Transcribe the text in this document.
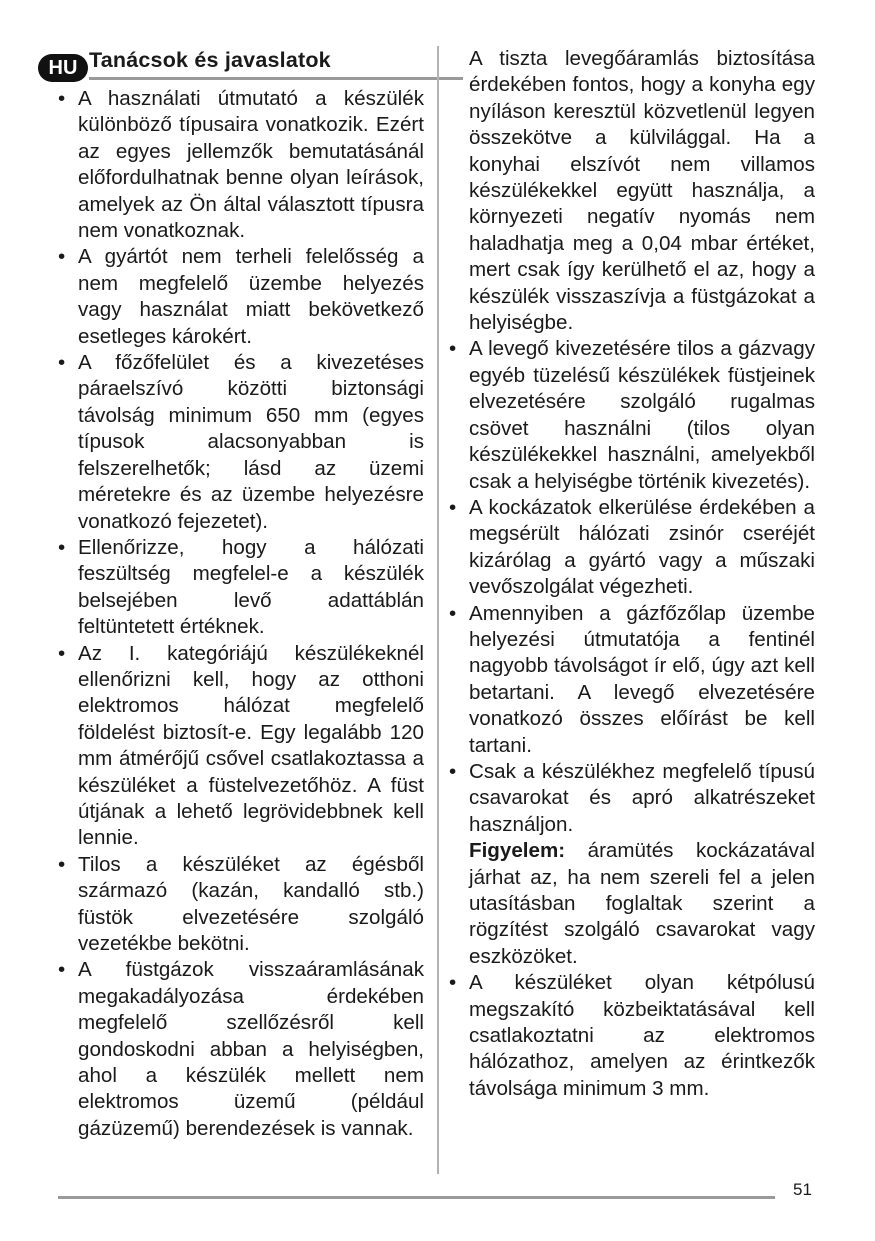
HU Tanácsok és javaslatok

• A használati útmutató a készülék különböző típusaira vonatkozik. Ezért az egyes jellemzők bemutatásánál előfordulhatnak benne olyan leírások, amelyek az Ön által választott típusra nem vonatkoznak.

• A gyártót nem terheli felelősség a nem megfelelő üzembe helyezés vagy használat miatt bekövetkező esetleges károkért.

• A főzőfelület és a kivezetéses páraelszívó közötti biztonsági távolság minimum 650 mm (egyes típusok alacsonyabban is felszerelhetők; lásd az üzemi méretekre és az üzembe helyezésre vonatkozó fejezetet).

• Ellenőrizze, hogy a hálózati feszültség megfelel-e a készülék belsejében levő adattáblán feltüntetett értéknek.

• Az I. kategóriájú készülékeknél ellenőrizni kell, hogy az otthoni elektromos hálózat megfelelő földelést biztosít-e. Egy legalább 120 mm átmérőjű csővel csatlakoztassa a készüléket a füstelvezetőhöz. A füst útjának a lehető legrövidebbnek kell lennie.

• Tilos a készüléket az égésből származó (kazán, kandalló stb.) füstök elvezetésére szolgáló vezetékbe bekötni.

• A füstgázok visszaáramlásának megakadályozása érdekében megfelelő szellőzésről kell gondoskodni abban a helyiségben, ahol a készülék mellett nem elektromos üzemű (például gázüzemű) berendezések is vannak.

A tiszta levegőáramlás biztosítása érdekében fontos, hogy a konyha egy nyíláson keresztül közvetlenül legyen összekötve a külvilággal. Ha a konyhai elszívót nem villamos készülékekkel együtt használja, a környezeti negatív nyomás nem haladhatja meg a 0,04 mbar értéket, mert csak így kerülhető el az, hogy a készülék visszaszívja a füstgázokat a helyiségbe.

• A levegő kivezetésére tilos a gázvagy egyéb tüzelésű készülékek füstjeinek elvezetésére szolgáló rugalmas csövet használni (tilos olyan készülékekkel használni, amelyekből csak a helyiségbe történik kivezetés).

• A kockázatok elkerülése érdekében a megsérült hálózati zsinór cseréjét kizárólag a gyártó vagy a műszaki vevőszolgálat végezheti.

• Amennyiben a gázfőzőlap üzembe helyezési útmutatója a fentinél nagyobb távolságot ír elő, úgy azt kell betartani. A levegő elvezetésére vonatkozó összes előírást be kell tartani.

• Csak a készülékhez megfelelő típusú csavarokat és apró alkatrészeket használjon.

Figyelem: áramütés kockázatával járhat az, ha nem szereli fel a jelen utasításban foglaltak szerint a rögzítést szolgáló csavarokat vagy eszközöket.

• A készüléket olyan kétpólusú megszakító közbeiktatásával kell csatlakoztatni az elektromos hálózathoz, amelyen az érintkezők távolsága minimum 3 mm.

51
